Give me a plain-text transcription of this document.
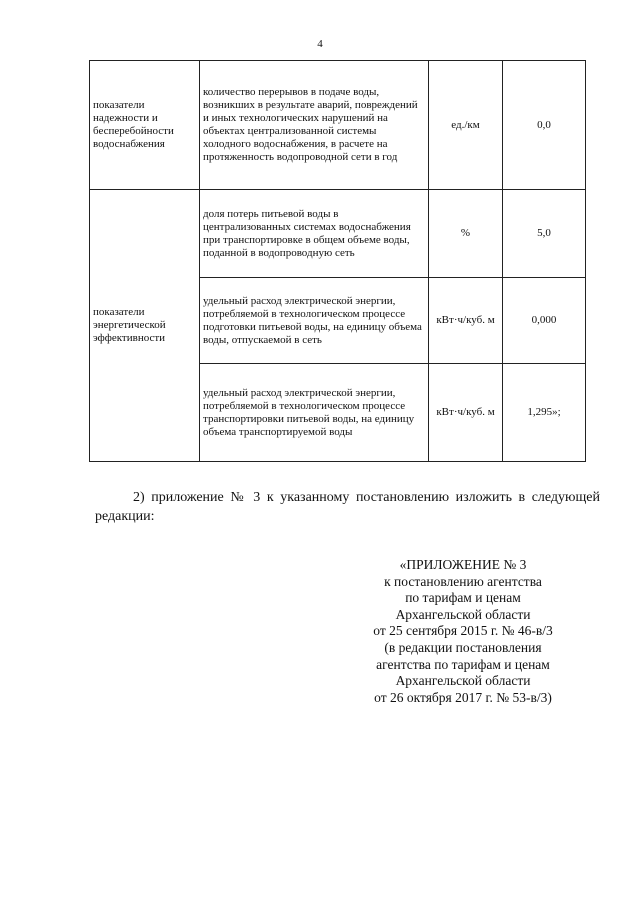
4
показатели надежности и бесперебойности водоснабжения	количество перерывов в подаче воды, возникших в результате аварий, повреждений и иных технологических нарушений на объектах централизованной системы холодного водоснабжения, в расчете на протяженность водопроводной сети в год	ед./км	0,0
показатели энергетической эффективности	доля потерь питьевой воды в централизованных системах водоснабжения при транспортировке в общем объеме воды, поданной в водопроводную сеть	%	5,0
	удельный расход электрической энергии, потребляемой в технологическом процессе подготовки питьевой воды, на единицу объема воды, отпускаемой в сеть	кВт·ч/куб. м	0,000
	удельный расход электрической энергии, потребляемой в технологическом процессе транспортировки питьевой воды, на единицу объема транспортируемой воды	кВт·ч/куб. м	1,295»;
2) приложение № 3 к указанному постановлению изложить в следующей редакции:
«ПРИЛОЖЕНИЕ № 3
к постановлению агентства
по тарифам и ценам
Архангельской области
от 25 сентября 2015 г. № 46-в/3
(в редакции постановления
агентства по тарифам и ценам
Архангельской области
от 26 октября 2017 г. № 53-в/3)
